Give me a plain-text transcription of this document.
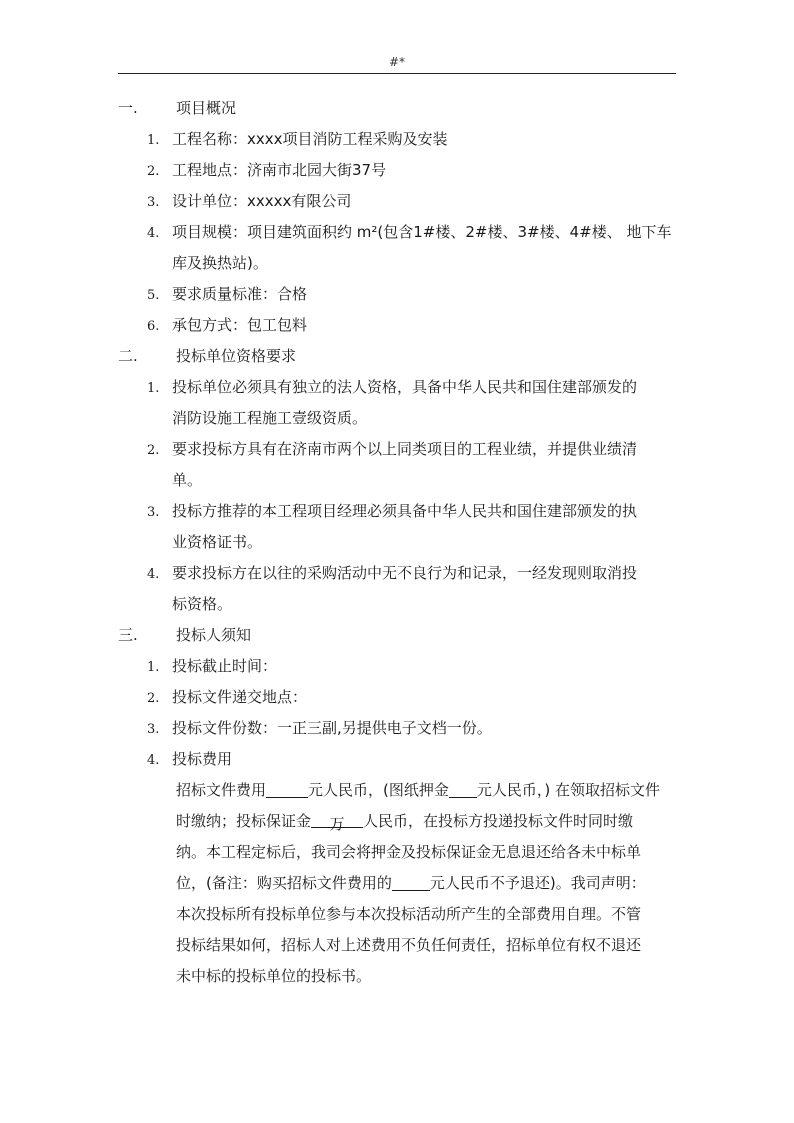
#*
一.	项目概况
1. 工程名称：xxxx项目消防工程采购及安装
2. 工程地点：济南市北园大街37号
3. 设计单位：xxxxx有限公司
4. 项目规模：项目建筑面积约 m²(包含1#楼、2#楼、3#楼、4#楼、 地下车
库及换热站)。
5. 要求质量标准：合格
6. 承包方式：包工包料
二.	投标单位资格要求
1. 投标单位必须具有独立的法人资格，具备中华人民共和国住建部颁发的
消防设施工程施工壹级资质。
2. 要求投标方具有在济南市两个以上同类项目的工程业绩，并提供业绩清
单。
3. 投标方推荐的本工程项目经理必须具备中华人民共和国住建部颁发的执
业资格证书。
4. 要求投标方在以往的采购活动中无不良行为和记录，一经发现则取消投
标资格。
三.	投标人须知
1. 投标截止时间：
2. 投标文件递交地点：
3. 投标文件份数：一正三副,另提供电子文档一份。
4. 投标费用
招标文件费用	元人民币，(图纸押金 元人民币，) 在领取招标文件
时缴纳；投标保证金 万 人民币，在投标方投递投标文件时同时缴
纳。本工程定标后，我司会将押金及投标保证金无息退还给各未中标单
位，(备注：购买招标文件费用的	元人民币不予退还)。我司声明：
本次投标所有投标单位参与本次投标活动所产生的全部费用自理。不管
投标结果如何，招标人对上述费用不负任何责任，招标单位有权不退还
未中标的投标单位的投标书。
